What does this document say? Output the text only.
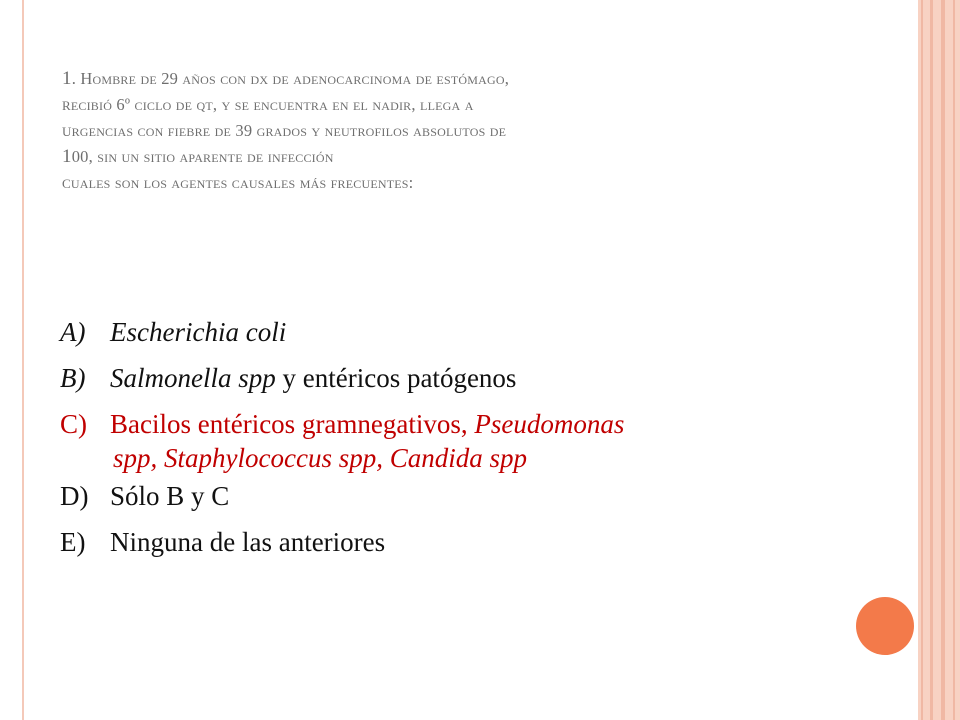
1. Hombre de 29 años con dx de adenocarcinoma de estómago,
recibió 6º ciclo de qt, y se encuentra en el nadir, llega a
urgencias con fiebre de 39 grados y neutrofilos absolutos de
100, sin un sitio aparente de infección
cuales son los agentes causales más frecuentes:
A) Escherichia coli
B) Salmonella spp y entéricos patógenos
C) Bacilos entéricos gramnegativos, Pseudomonas
spp, Staphylococcus spp, Candida spp
D) Sólo B y C
E) Ninguna de las anteriores
